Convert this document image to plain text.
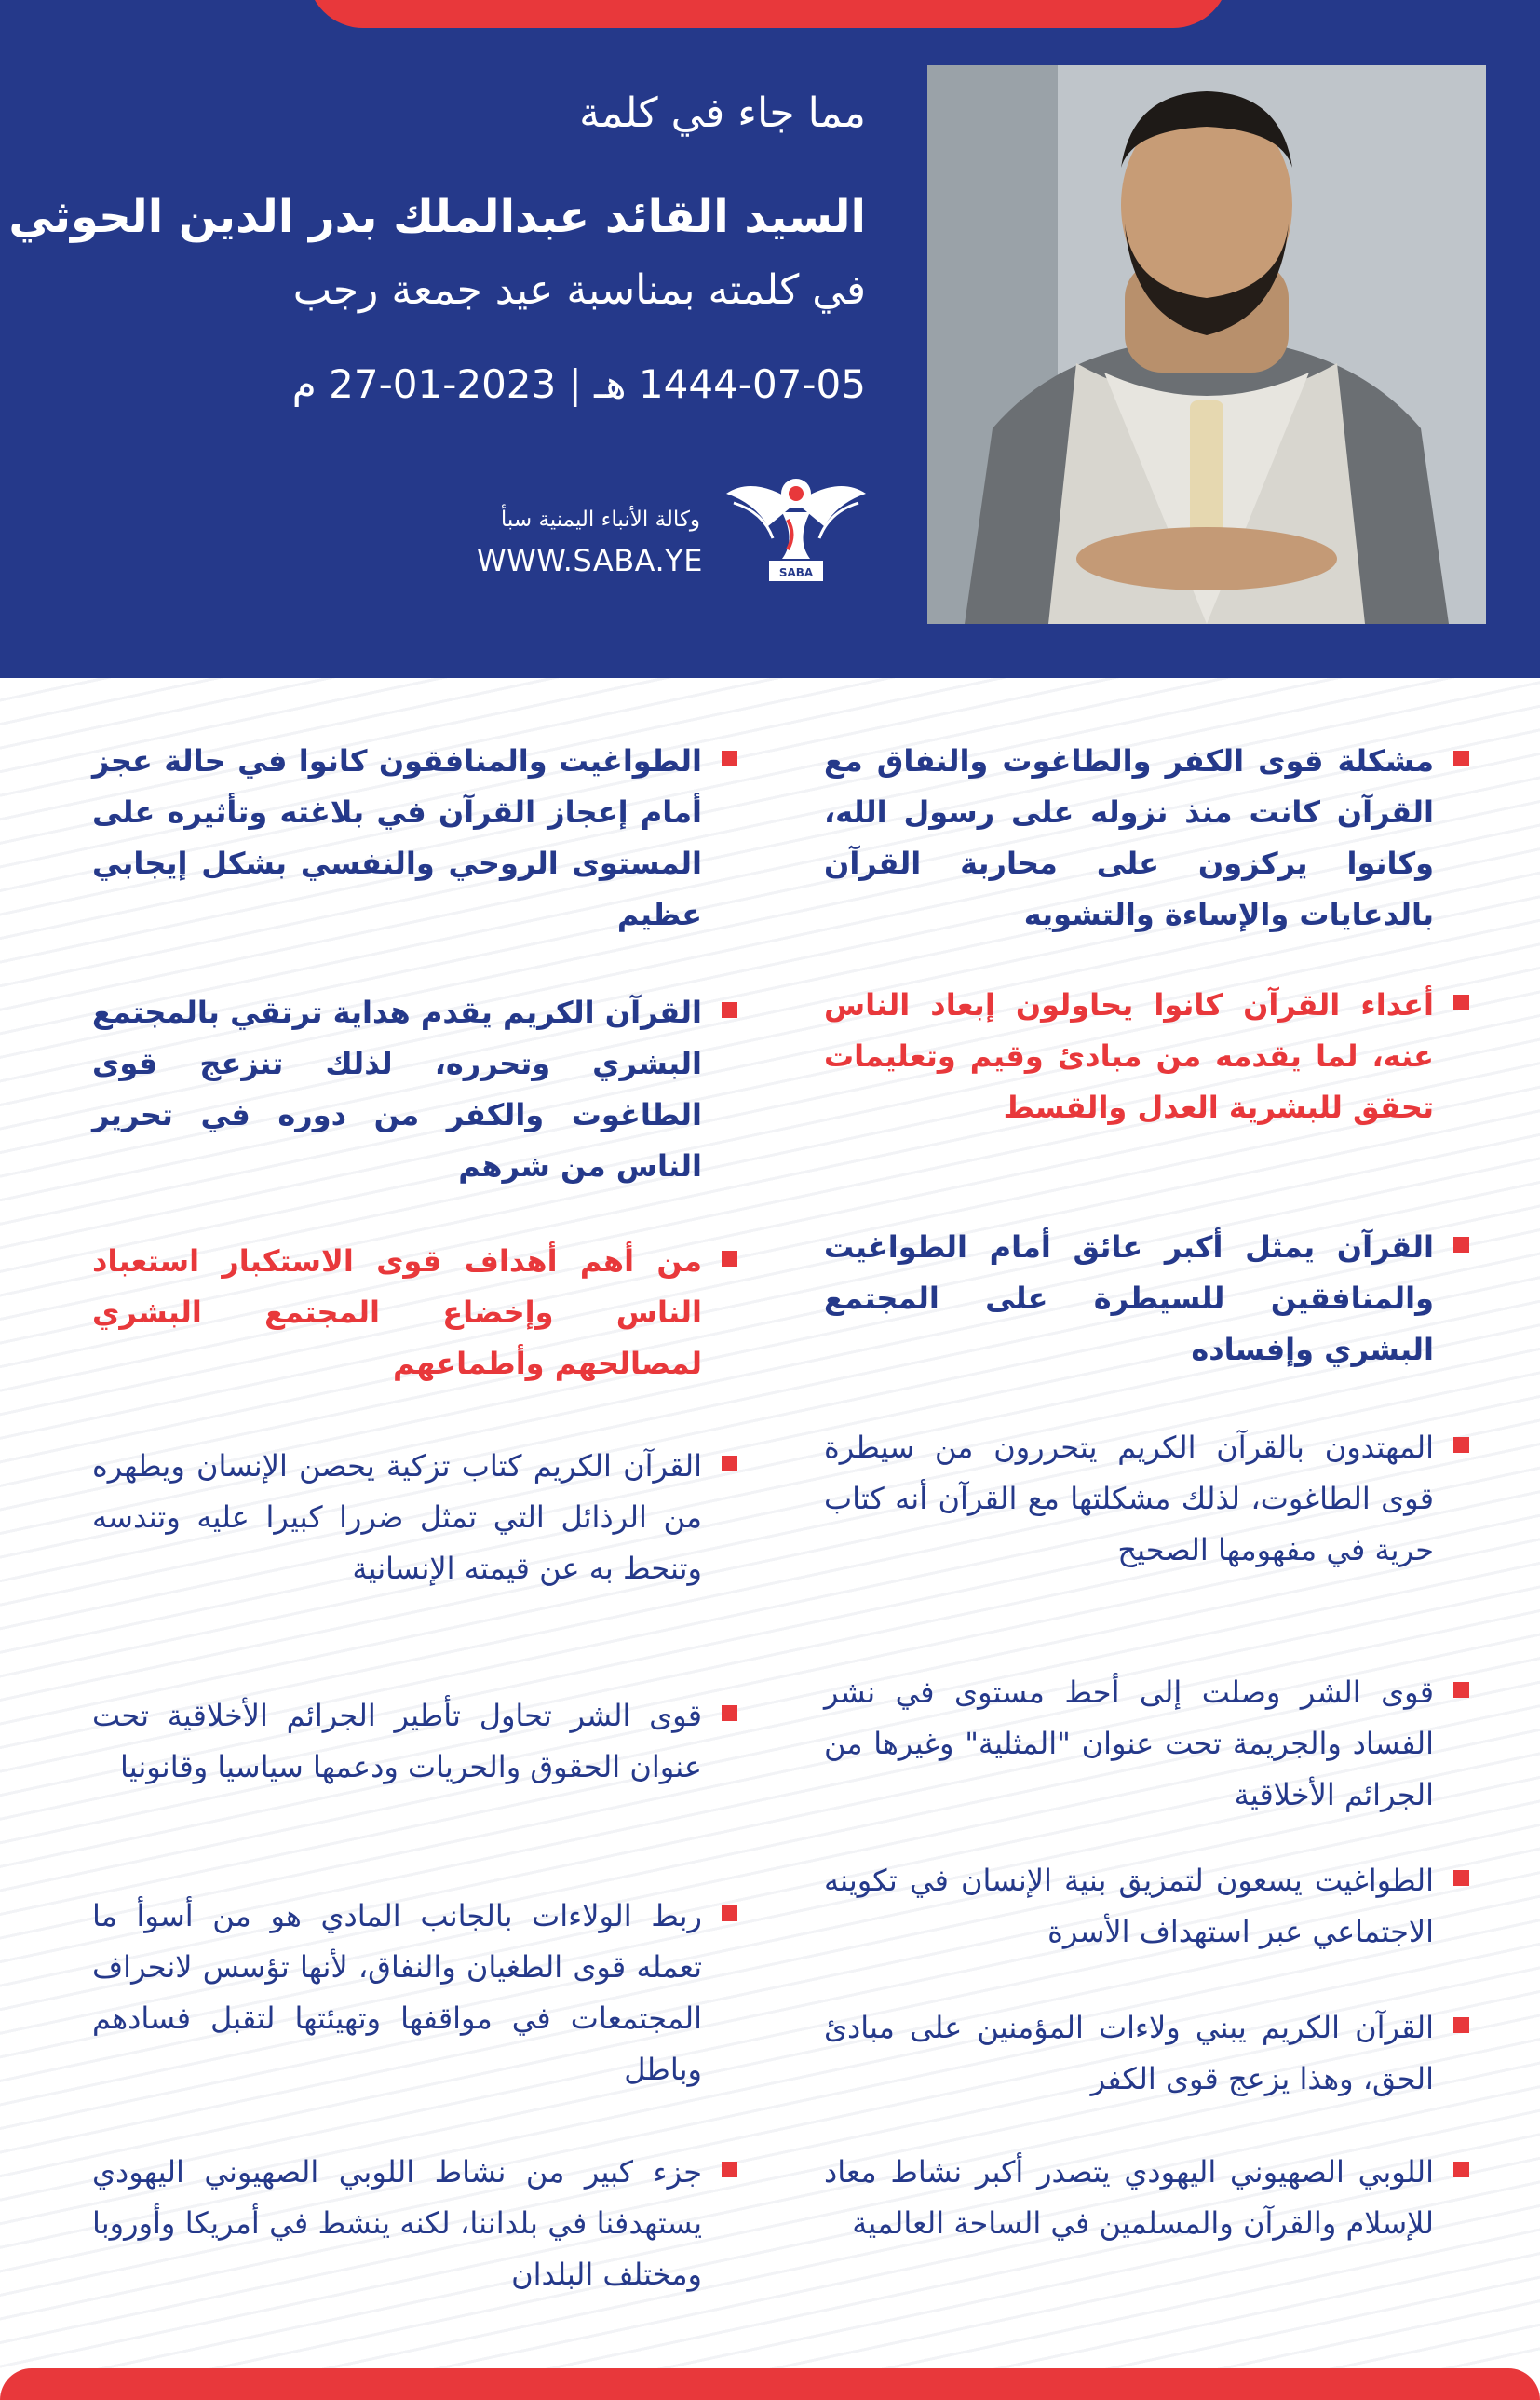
مما جاء في كلمة
السيد القائد عبدالملك بدر الدين الحوثي
في كلمته بمناسبة عيد جمعة رجب
1444-07-05 هـ | 2023-01-27 م
وكالة الأنباء اليمنية سبأ
WWW.SABA.YE	SABA
مشكلة قوى الكفر والطاغوت والنفاق مع القرآن كانت منذ نزوله على رسول الله، وكانوا يركزون على محاربة القرآن بالدعايات والإساءة والتشويه
أعداء القرآن كانوا يحاولون إبعاد الناس عنه، لما يقدمه من مبادئ وقيم وتعليمات تحقق للبشرية العدل والقسط
القرآن يمثل أكبر عائق أمام الطواغيت والمنافقين للسيطرة على المجتمع البشري وإفساده
المهتدون بالقرآن الكريم يتحررون من سيطرة قوى الطاغوت، لذلك مشكلتها مع القرآن أنه كتاب حرية في مفهومها الصحيح
قوى الشر وصلت إلى أحط مستوى في نشر الفساد والجريمة تحت عنوان "المثلية" وغيرها من الجرائم الأخلاقية
الطواغيت يسعون لتمزيق بنية الإنسان في تكوينه الاجتماعي عبر استهداف الأسرة
القرآن الكريم يبني ولاءات المؤمنين على مبادئ الحق، وهذا يزعج قوى الكفر
اللوبي الصهيوني اليهودي يتصدر أكبر نشاط معاد للإسلام والقرآن والمسلمين في الساحة العالمية
الطواغيت والمنافقون كانوا في حالة عجز أمام إعجاز القرآن في بلاغته وتأثيره على المستوى الروحي والنفسي بشكل إيجابي عظيم
القرآن الكريم يقدم هداية ترتقي بالمجتمع البشري وتحرره، لذلك تنزعج قوى الطاغوت والكفر من دوره في تحرير الناس من شرهم
من أهم أهداف قوى الاستكبار استعباد الناس وإخضاع المجتمع البشري لمصالحهم وأطماعهم
القرآن الكريم كتاب تزكية يحصن الإنسان ويطهره من الرذائل التي تمثل ضررا كبيرا عليه وتندسه وتنحط به عن قيمته الإنسانية
قوى الشر تحاول تأطير الجرائم الأخلاقية تحت عنوان الحقوق والحريات ودعمها سياسيا وقانونيا
ربط الولاءات بالجانب المادي هو من أسوأ ما تعمله قوى الطغيان والنفاق، لأنها تؤسس لانحراف المجتمعات في مواقفها وتهيئتها لتقبل فسادهم وباطل
جزء كبير من نشاط اللوبي الصهيوني اليهودي يستهدفنا في بلداننا، لكنه ينشط في أمريكا وأوروبا ومختلف البلدان
